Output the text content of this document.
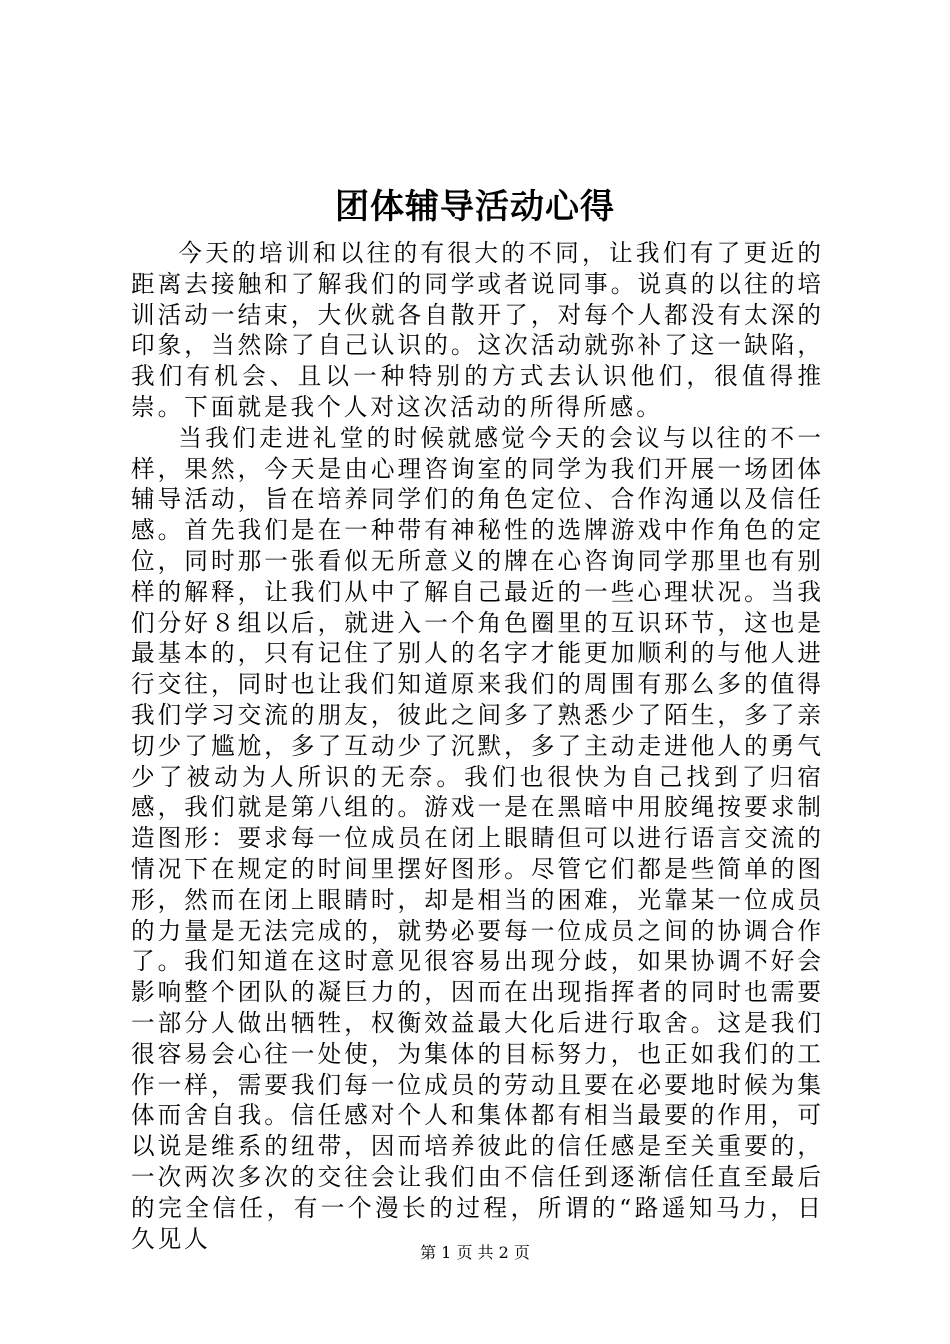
团体辅导活动心得

今天的培训和以往的有很大的不同，让我们有了更近的距离去接触和了解我们的同学或者说同事。说真的以往的培训活动一结束，大伙就各自散开了，对每个人都没有太深的印象，当然除了自己认识的。这次活动就弥补了这一缺陷，我们有机会、且以一种特别的方式去认识他们，很值得推崇。下面就是我个人对这次活动的所得所感。

当我们走进礼堂的时候就感觉今天的会议与以往的不一样，果然，今天是由心理咨询室的同学为我们开展一场团体辅导活动，旨在培养同学们的角色定位、合作沟通以及信任感。首先我们是在一种带有神秘性的选牌游戏中作角色的定位，同时那一张看似无所意义的牌在心咨询同学那里也有别样的解释，让我们从中了解自己最近的一些心理状况。当我们分好８组以后，就进入一个角色圈里的互识环节，这也是最基本的，只有记住了别人的名字才能更加顺利的与他人进行交往，同时也让我们知道原来我们的周围有那么多的值得我们学习交流的朋友，彼此之间多了熟悉少了陌生，多了亲切少了尴尬，多了互动少了沉默，多了主动走进他人的勇气少了被动为人所识的无奈。我们也很快为自己找到了归宿感，我们就是第八组的。游戏一是在黑暗中用胶绳按要求制造图形：要求每一位成员在闭上眼睛但可以进行语言交流的情况下在规定的时间里摆好图形。尽管它们都是些简单的图形，然而在闭上眼睛时，却是相当的困难，光靠某一位成员的力量是无法完成的，就势必要每一位成员之间的协调合作了。我们知道在这时意见很容易出现分歧，如果协调不好会影响整个团队的凝巨力的，因而在出现指挥者的同时也需要一部分人做出牺牲，权衡效益最大化后进行取舍。这是我们很容易会心往一处使，为集体的目标努力，也正如我们的工作一样，需要我们每一位成员的劳动且要在必要地时候为集体而舍自我。信任感对个人和集体都有相当最要的作用，可以说是维系的纽带，因而培养彼此的信任感是至关重要的，一次两次多次的交往会让我们由不信任到逐渐信任直至最后的完全信任，有一个漫长的过程，所谓的“路遥知马力，日久见人	第 1 页 共 2 页
